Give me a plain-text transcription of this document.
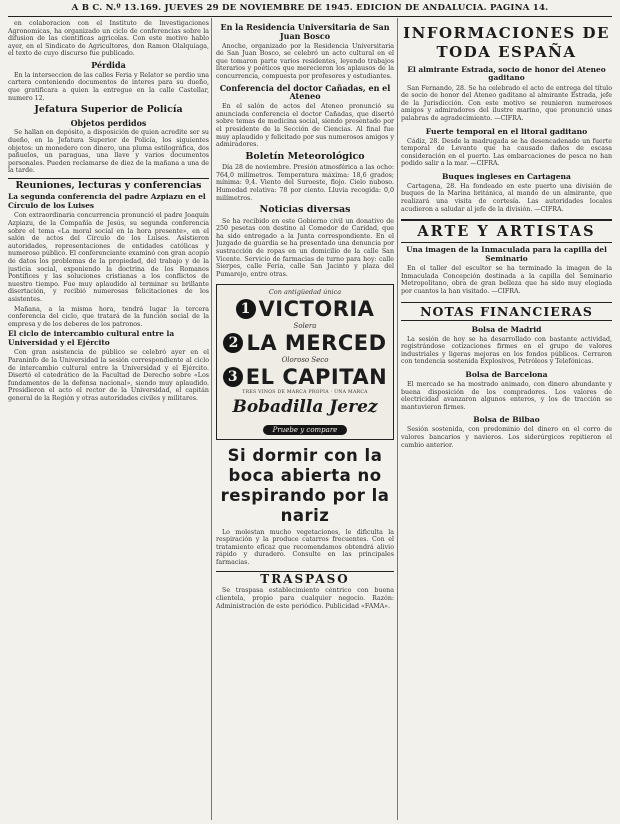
A B C. N.º 13.169. JUEVES 29 DE NOVIEMBRE DE 1945. EDICION DE ANDALUCIA. PAGINA 14.

en colaboracion con el Instituto de Investigaciones Agronomicas, ha organizado un ciclo de conferencias sobre la difusion de las cientificas agricolas. Con este motivo hablo ayer, en el Sindicato de Agricultores, don Ramon Olalquiaga, el texto de cuyo discurso fue publicado.

Pérdida

En la interseccion de las calles Feria y Relator se perdio una cartera conteniendo documentos de interes para su dueño, que gratificara a quien la entregue en la calle Castellar, numero 12.

Jefatura Superior de Policía
Objetos perdidos

Se hallan en depósito, a disposición de quien acredite ser su dueño, en la Jefatura Superior de Policía, los siguientes objetos: un monedero con dinero, una pluma estilográfica, dos pañuelos, un paraguas, una llave y varios documentos personales. Pueden reclamarse de diez de la mañana a una de la tarde.

Reuniones, lecturas y conferencias
La segunda conferencia del padre Azpiazu en el Círculo de los Luises

Con extraordinaria concurrencia pronunció el padre Joaquín Azpiazu, de la Compañía de Jesús, su segunda conferencia sobre el tema «La moral social en la hora presente», en el salón de actos del Círculo de los Luises. Asistieron autoridades, representaciones de entidades católicas y numeroso público. El conferenciante examinó con gran acopio de datos los problemas de la propiedad, del trabajo y de la justicia social, exponiendo la doctrina de los Romanos Pontífices y las soluciones cristianas a los conflictos de nuestro tiempo. Fue muy aplaudido al terminar su brillante disertación, y recibió numerosas felicitaciones de los asistentes.

Mañana, a la misma hora, tendrá lugar la tercera conferencia del ciclo, que tratará de la función social de la empresa y de los deberes de los patronos.

El ciclo de intercambio cultural entre la Universidad y el Ejército

Con gran asistencia de público se celebró ayer en el Paraninfo de la Universidad la sesión correspondiente al ciclo de intercambio cultural entre la Universidad y el Ejército. Disertó el catedrático de la Facultad de Derecho sobre «Los fundamentos de la defensa nacional», siendo muy aplaudido. Presidieron el acto el rector de la Universidad, el capitán general de la Región y otras autoridades civiles y militares.

En la Residencia Universitaria de San Juan Bosco

Anoche, organizado por la Residencia Universitaria de San Juan Bosco, se celebró un acto cultural en el que tomaron parte varios residentes, leyendo trabajos literarios y poéticos que merecieron los aplausos de la concurrencia, compuesta por profesores y estudiantes.

Conferencia del doctor Cañadas, en el Ateneo

En el salón de actos del Ateneo pronunció su anunciada conferencia el doctor Cañadas, que disertó sobre temas de medicina social, siendo presentado por el presidente de la Sección de Ciencias. Al final fue muy aplaudido y felicitado por sus numerosos amigos y admiradores.

Boletín Meteorológico

Día 28 de noviembre. Presión atmosférica a las ocho: 764,0 milímetros. Temperatura máxima: 18,6 grados; mínima: 9,4. Viento del Suroeste, flojo. Cielo nuboso. Humedad relativa: 78 por ciento. Lluvia recogida: 0,0 milímetros.

Noticias diversas

Se ha recibido en este Gobierno civil un donativo de 250 pesetas con destino al Comedor de Caridad, que ha sido entregado a la Junta correspondiente. En el Juzgado de guardia se ha presentado una denuncia por sustracción de ropas en un domicilio de la calle San Vicente. Servicio de farmacias de turno para hoy: calle Sierpes, calle Feria, calle San Jacinto y plaza del Pumarejo, entre otras.

Con antigüedad única
1 VICTORIA
Solera
2 LA MERCED
Oloroso Seco
3 EL CAPITAN
TRES VINOS DE MARCA PROPIA · UNA MARCA
Bobadilla Jerez
Pruebe y compare
Si dormir con la boca abierta no respirando por la nariz

Lo molestan mucho vegetaciones, le dificulta la respiración y la produce catarros frecuentes. Con el tratamiento eficaz que recomendamos obtendrá alivio rápido y duradero. Consulte en las principales farmacias.

TRASPASO

Se traspasa establecimiento céntrico con buena clientela, propio para cualquier negocio. Razón: Administración de este periódico. Publicidad «FAMA».

INFORMACIONES DE TODA ESPAÑA
El almirante Estrada, socio de honor del Ateneo gaditano

San Fernando, 28. Se ha celebrado el acto de entrega del título de socio de honor del Ateneo gaditano al almirante Estrada, jefe de la Jurisdicción. Con este motivo se reunieron numerosos amigos y admiradores del ilustre marino, que pronunció unas palabras de agradecimiento. —CIFRA.

Fuerte temporal en el litoral gaditano

Cádiz, 28. Desde la madrugada se ha desencadenado un fuerte temporal de Levante que ha causado daños de escasa consideración en el puerto. Las embarcaciones de pesca no han podido salir a la mar. —CIFRA.

Buques ingleses en Cartagena

Cartagena, 28. Ha fondeado en este puerto una división de buques de la Marina británica, al mando de un almirante, que realizará una visita de cortesía. Las autoridades locales acudieron a saludar al jefe de la división. —CIFRA.

ARTE Y ARTISTAS
Una imagen de la Inmaculada para la capilla del Seminario

En el taller del escultor se ha terminado la imagen de la Inmaculada Concepción destinada a la capilla del Seminario Metropolitano, obra de gran belleza que ha sido muy elogiada por cuantos la han visitado. —CIFRA.

NOTAS FINANCIERAS
Bolsa de Madrid

La sesión de hoy se ha desarrollado con bastante actividad, registrándose cotizaciones firmes en el grupo de valores industriales y ligeras mejoras en los fondos públicos. Cerraron con tendencia sostenida Explosivos, Petróleos y Telefónicas.

Bolsa de Barcelona

El mercado se ha mostrado animado, con dinero abundante y buena disposición de los compradores. Los valores de electricidad avanzaron algunos enteros, y los de tracción se mantuvieron firmes.

Bolsa de Bilbao

Sesión sostenida, con predominio del dinero en el corro de valores bancarios y navieros. Los siderúrgicos repitieron el cambio anterior.
